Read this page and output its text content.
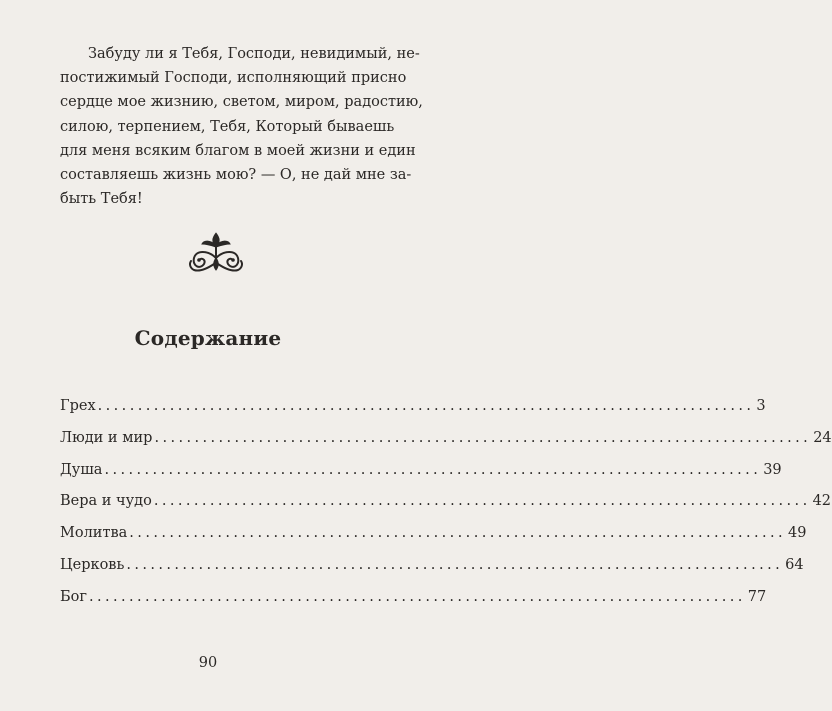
Забуду ли я Тебя, Господи, невидимый, не-
постижимый Господи, исполняющий присно
сердце мое жизнию, светом, миром, радостию,
силою, терпением, Тебя, Который бываешь
для меня всяким благом в моей жизни и един
составляешь жизнь мою? — О, не дай мне за-
быть Тебя!
Содержание
Грех .................................................................................. 3
Люди и мир .................................................................................. 24
Душа .................................................................................. 39
Вера и чудо .................................................................................. 42
Молитва .................................................................................. 49
Церковь .................................................................................. 64
Бог .................................................................................. 77
90
